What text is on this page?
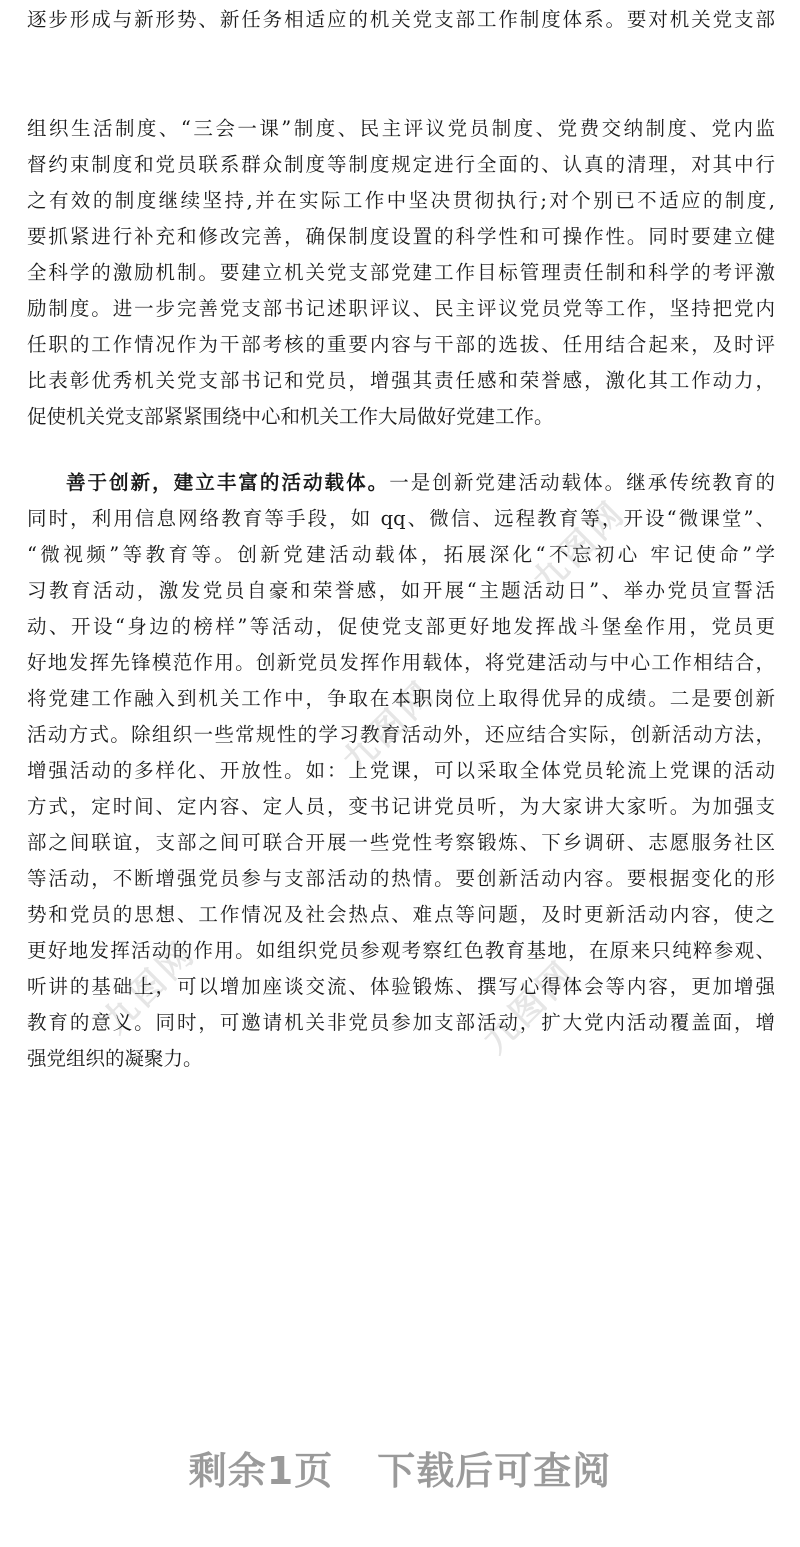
九图网
九图网
九图网	九图网
逐步形成与新形势、新任务相适应的机关党支部工作制度体系。要对机关党支部
组织生活制度、“三会一课”制度、民主评议党员制度、党费交纳制度、党内监
督约束制度和党员联系群众制度等制度规定进行全面的、认真的清理，对其中行
之有效的制度继续坚持,并在实际工作中坚决贯彻执行;对个别已不适应的制度,
要抓紧进行补充和修改完善，确保制度设置的科学性和可操作性。同时要建立健
全科学的激励机制。要建立机关党支部党建工作目标管理责任制和科学的考评激
励制度。进一步完善党支部书记述职评议、民主评议党员党等工作，坚持把党内
任职的工作情况作为干部考核的重要内容与干部的选拔、任用结合起来，及时评
比表彰优秀机关党支部书记和党员，增强其责任感和荣誉感，激化其工作动力，
促使机关党支部紧紧围绕中心和机关工作大局做好党建工作。
善于创新，建立丰富的活动载体。一是创新党建活动载体。继承传统教育的
同时，利用信息网络教育等手段，如 qq、微信、远程教育等，开设“微课堂”、
“微视频”等教育等。创新党建活动载体，拓展深化“不忘初心 牢记使命”学
习教育活动，激发党员自豪和荣誉感，如开展“主题活动日”、举办党员宣誓活
动、开设“身边的榜样”等活动，促使党支部更好地发挥战斗堡垒作用，党员更
好地发挥先锋模范作用。创新党员发挥作用载体，将党建活动与中心工作相结合，
将党建工作融入到机关工作中，争取在本职岗位上取得优异的成绩。二是要创新
活动方式。除组织一些常规性的学习教育活动外，还应结合实际，创新活动方法，
增强活动的多样化、开放性。如：上党课，可以采取全体党员轮流上党课的活动
方式，定时间、定内容、定人员，变书记讲党员听，为大家讲大家听。为加强支
部之间联谊，支部之间可联合开展一些党性考察锻炼、下乡调研、志愿服务社区
等活动，不断增强党员参与支部活动的热情。要创新活动内容。要根据变化的形
势和党员的思想、工作情况及社会热点、难点等问题，及时更新活动内容，使之
更好地发挥活动的作用。如组织党员参观考察红色教育基地，在原来只纯粹参观、
听讲的基础上，可以增加座谈交流、体验锻炼、撰写心得体会等内容，更加增强
教育的意义。同时，可邀请机关非党员参加支部活动，扩大党内活动覆盖面，增
强党组织的凝聚力。
剩余1页 下载后可查阅
